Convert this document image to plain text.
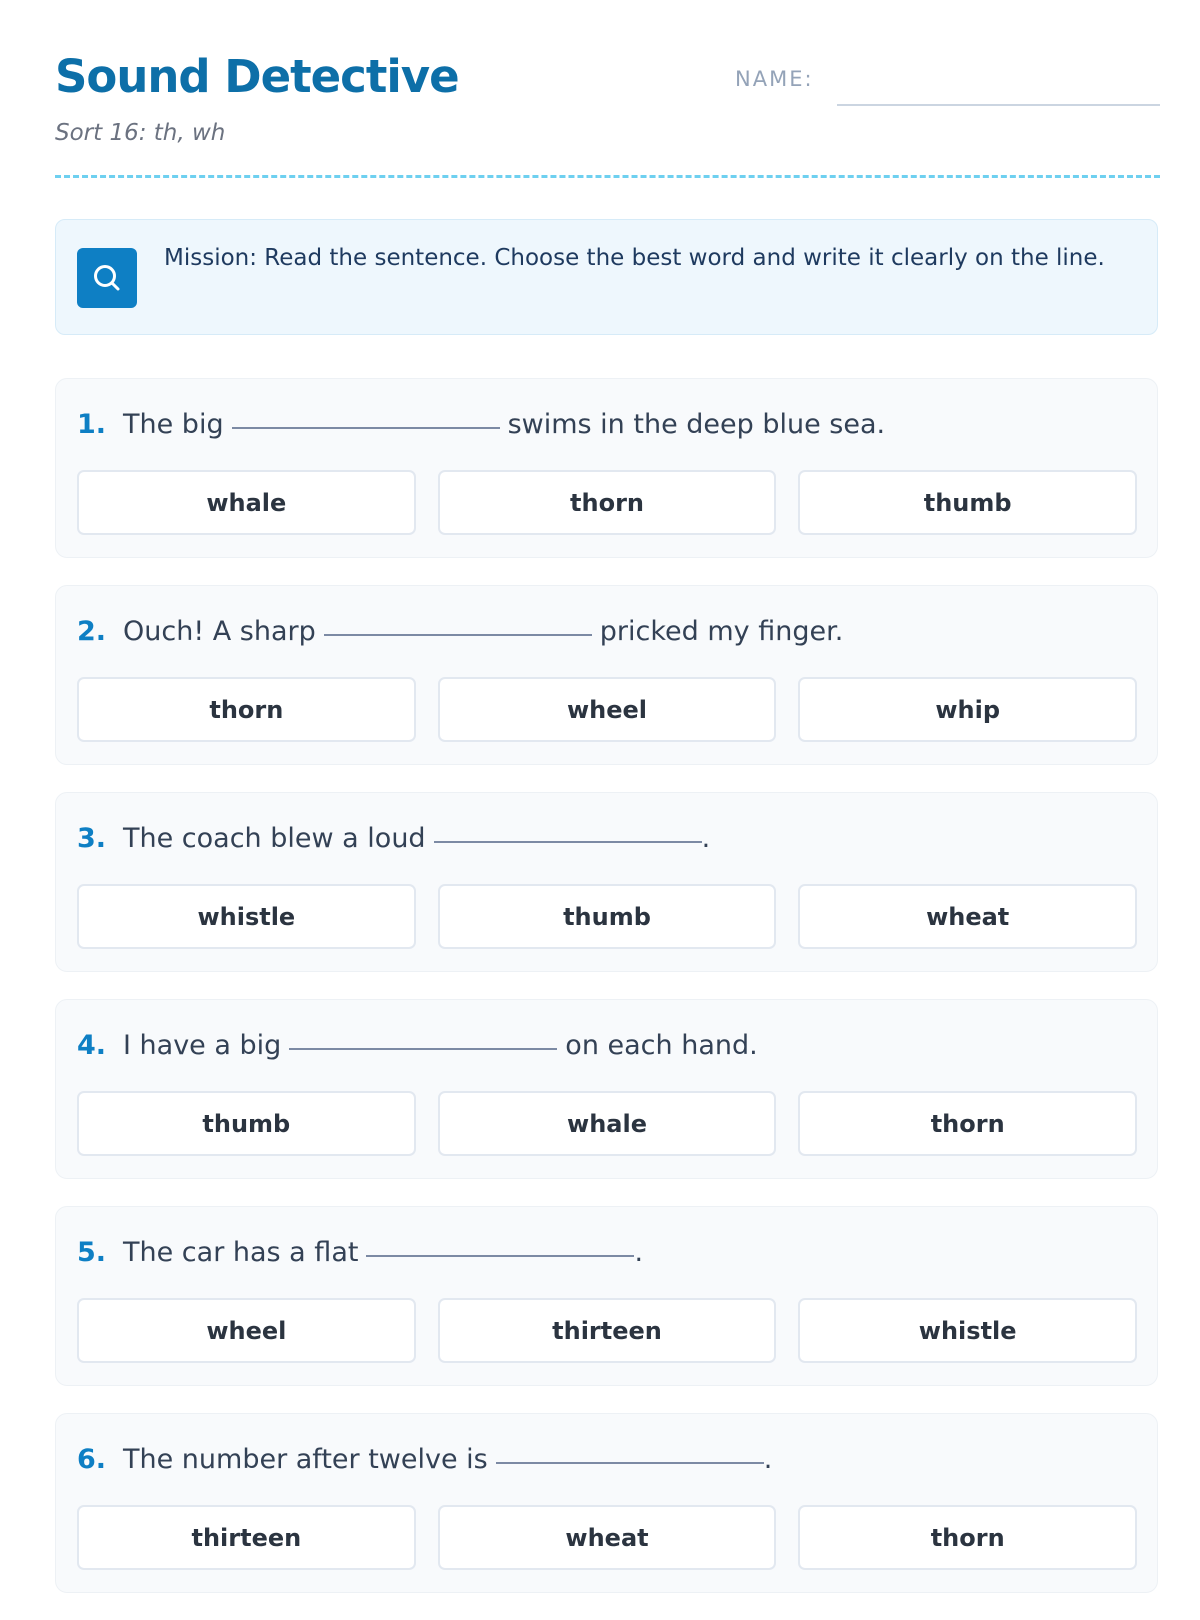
Sound Detective
Sort 16: th, wh
NAME:
Mission: Read the sentence. Choose the best word and write it clearly on the line.
1. The big	swims in the deep blue sea.
whale	thorn	thumb
2. Ouch! A sharp	pricked my finger.
thorn	wheel	whip
3. The coach blew a loud	.
whistle	thumb	wheat
4. I have a big	on each hand.
thumb	whale	thorn
5. The car has a flat	.
wheel	thirteen	whistle
6. The number after twelve is	.
thirteen	wheat	thorn
